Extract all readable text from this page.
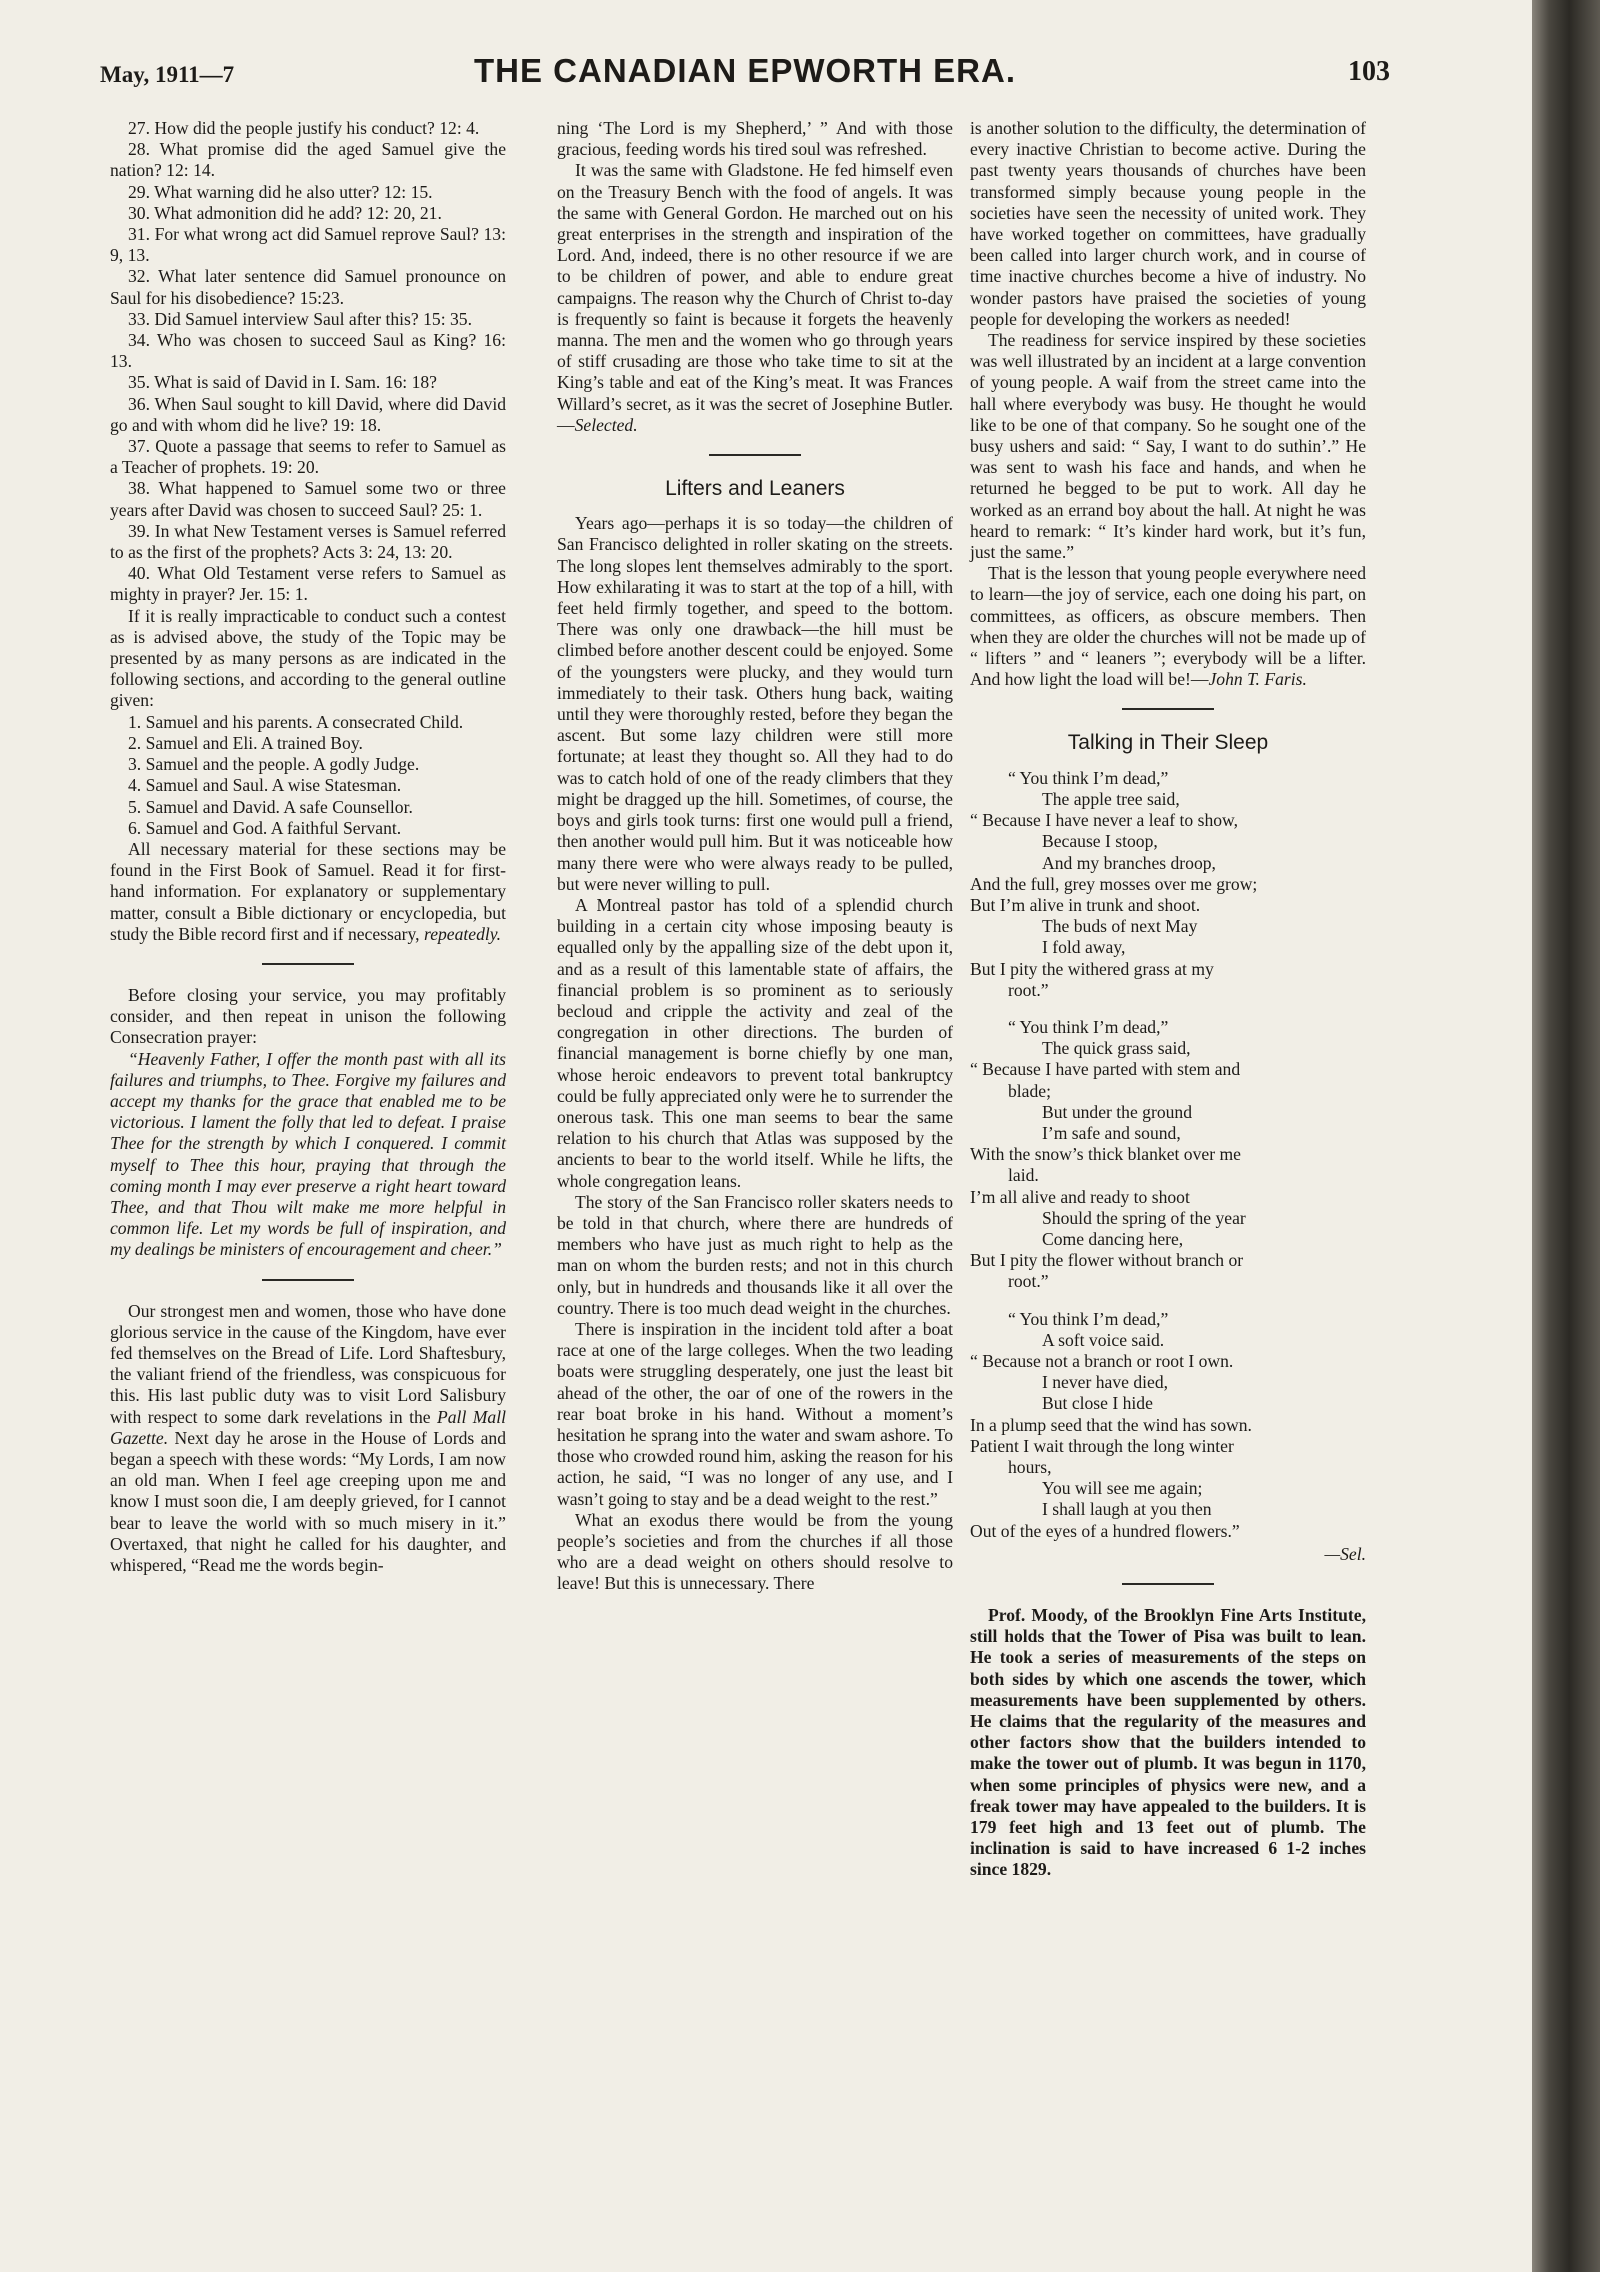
May, 1911—7	THE CANADIAN EPWORTH ERA.	103

27. How did the people justify his conduct? 12: 4.

28. What promise did the aged Samuel give the nation? 12: 14.

29. What warning did he also utter? 12: 15.

30. What admonition did he add? 12: 20, 21.

31. For what wrong act did Samuel reprove Saul? 13: 9, 13.

32. What later sentence did Samuel pronounce on Saul for his disobedience? 15:23.

33. Did Samuel interview Saul after this? 15: 35.

34. Who was chosen to succeed Saul as King? 16: 13.

35. What is said of David in I. Sam. 16: 18?

36. When Saul sought to kill David, where did David go and with whom did he live? 19: 18.

37. Quote a passage that seems to refer to Samuel as a Teacher of prophets. 19: 20.

38. What happened to Samuel some two or three years after David was chosen to succeed Saul? 25: 1.

39. In what New Testament verses is Samuel referred to as the first of the prophets? Acts 3: 24, 13: 20.

40. What Old Testament verse refers to Samuel as mighty in prayer? Jer. 15: 1.

If it is really impracticable to conduct such a contest as is advised above, the study of the Topic may be presented by as many persons as are indicated in the following sections, and according to the general outline given:

1. Samuel and his parents. A consecrated Child.

2. Samuel and Eli. A trained Boy.

3. Samuel and the people. A godly Judge.

4. Samuel and Saul. A wise Statesman.

5. Samuel and David. A safe Counsellor.

6. Samuel and God. A faithful Servant.

All necessary material for these sections may be found in the First Book of Samuel. Read it for first-hand information. For explanatory or supplementary matter, consult a Bible dictionary or encyclopedia, but study the Bible record first and if necessary, repeatedly.

Before closing your service, you may profitably consider, and then repeat in unison the following Consecration prayer:

“Heavenly Father, I offer the month past with all its failures and triumphs, to Thee. Forgive my failures and accept my thanks for the grace that enabled me to be victorious. I lament the folly that led to defeat. I praise Thee for the strength by which I conquered. I commit myself to Thee this hour, praying that through the coming month I may ever preserve a right heart toward Thee, and that Thou wilt make me more helpful in common life. Let my words be full of inspiration, and my dealings be ministers of encouragement and cheer.”

Our strongest men and women, those who have done glorious service in the cause of the Kingdom, have ever fed themselves on the Bread of Life. Lord Shaftesbury, the valiant friend of the friendless, was conspicuous for this. His last public duty was to visit Lord Salisbury with respect to some dark revelations in the Pall Mall Gazette. Next day he arose in the House of Lords and began a speech with these words: “My Lords, I am now an old man. When I feel age creeping upon me and know I must soon die, I am deeply grieved, for I cannot bear to leave the world with so much misery in it.” Overtaxed, that night he called for his daughter, and whispered, “Read me the words begin-

ning ‘The Lord is my Shepherd,’ ” And with those gracious, feeding words his tired soul was refreshed.

It was the same with Gladstone. He fed himself even on the Treasury Bench with the food of angels. It was the same with General Gordon. He marched out on his great enterprises in the strength and inspiration of the Lord. And, indeed, there is no other resource if we are to be children of power, and able to endure great campaigns. The reason why the Church of Christ to-day is frequently so faint is because it forgets the heavenly manna. The men and the women who go through years of stiff crusading are those who take time to sit at the King’s table and eat of the King’s meat. It was Frances Willard’s secret, as it was the secret of Josephine Butler.—Selected.

Lifters and Leaners

Years ago—perhaps it is so today—the children of San Francisco delighted in roller skating on the streets. The long slopes lent themselves admirably to the sport. How exhilarating it was to start at the top of a hill, with feet held firmly together, and speed to the bottom. There was only one drawback—the hill must be climbed before another descent could be enjoyed. Some of the youngsters were plucky, and they would turn immediately to their task. Others hung back, waiting until they were thoroughly rested, before they began the ascent. But some lazy children were still more fortunate; at least they thought so. All they had to do was to catch hold of one of the ready climbers that they might be dragged up the hill. Sometimes, of course, the boys and girls took turns: first one would pull a friend, then another would pull him. But it was noticeable how many there were who were always ready to be pulled, but were never willing to pull.

A Montreal pastor has told of a splendid church building in a certain city whose imposing beauty is equalled only by the appalling size of the debt upon it, and as a result of this lamentable state of affairs, the financial problem is so prominent as to seriously becloud and cripple the activity and zeal of the congregation in other directions. The burden of financial management is borne chiefly by one man, whose heroic endeavors to prevent total bankruptcy could be fully appreciated only were he to surrender the onerous task. This one man seems to bear the same relation to his church that Atlas was supposed by the ancients to bear to the world itself. While he lifts, the whole congregation leans.

The story of the San Francisco roller skaters needs to be told in that church, where there are hundreds of members who have just as much right to help as the man on whom the burden rests; and not in this church only, but in hundreds and thousands like it all over the country. There is too much dead weight in the churches.

There is inspiration in the incident told after a boat race at one of the large colleges. When the two leading boats were struggling desperately, one just the least bit ahead of the other, the oar of one of the rowers in the rear boat broke in his hand. Without a moment’s hesitation he sprang into the water and swam ashore. To those who crowded round him, asking the reason for his action, he said, “I was no longer of any use, and I wasn’t going to stay and be a dead weight to the rest.”

What an exodus there would be from the young people’s societies and from the churches if all those who are a dead weight on others should resolve to leave! But this is unnecessary. There

is another solution to the difficulty, the determination of every inactive Christian to become active. During the past twenty years thousands of churches have been transformed simply because young people in the societies have seen the necessity of united work. They have worked together on committees, have gradually been called into larger church work, and in course of time inactive churches become a hive of industry. No wonder pastors have praised the societies of young people for developing the workers as needed!

The readiness for service inspired by these societies was well illustrated by an incident at a large convention of young people. A waif from the street came into the hall where everybody was busy. He thought he would like to be one of that company. So he sought one of the busy ushers and said: “ Say, I want to do suthin’.” He was sent to wash his face and hands, and when he returned he begged to be put to work. All day he worked as an errand boy about the hall. At night he was heard to remark: “ It’s kinder hard work, but it’s fun, just the same.”

That is the lesson that young people everywhere need to learn—the joy of service, each one doing his part, on committees, as officers, as obscure members. Then when they are older the churches will not be made up of “ lifters ” and “ leaners ”; everybody will be a lifter. And how light the load will be!—John T. Faris.

Talking in Their Sleep
“ You think I’m dead,”
The apple tree said,
“ Because I have never a leaf to show,
Because I stoop,
And my branches droop,
And the full, grey mosses over me grow;
But I’m alive in trunk and shoot.
The buds of next May
I fold away,
But I pity the withered grass at my
root.”
“ You think I’m dead,”
The quick grass said,
“ Because I have parted with stem and
blade;
But under the ground
I’m safe and sound,
With the snow’s thick blanket over me
laid.
I’m all alive and ready to shoot
Should the spring of the year
Come dancing here,
But I pity the flower without branch or
root.”
“ You think I’m dead,”
A soft voice said.
“ Because not a branch or root I own.
I never have died,
But close I hide
In a plump seed that the wind has sown.
Patient I wait through the long winter
hours,
You will see me again;
I shall laugh at you then
Out of the eyes of a hundred flowers.”
—Sel.

Prof. Moody, of the Brooklyn Fine Arts Institute, still holds that the Tower of Pisa was built to lean. He took a series of measurements of the steps on both sides by which one ascends the tower, which measurements have been supplemented by others. He claims that the regularity of the measures and other factors show that the builders intended to make the tower out of plumb. It was begun in 1170, when some principles of physics were new, and a freak tower may have appealed to the builders. It is 179 feet high and 13 feet out of plumb. The inclination is said to have increased 6 1-2 inches since 1829.
